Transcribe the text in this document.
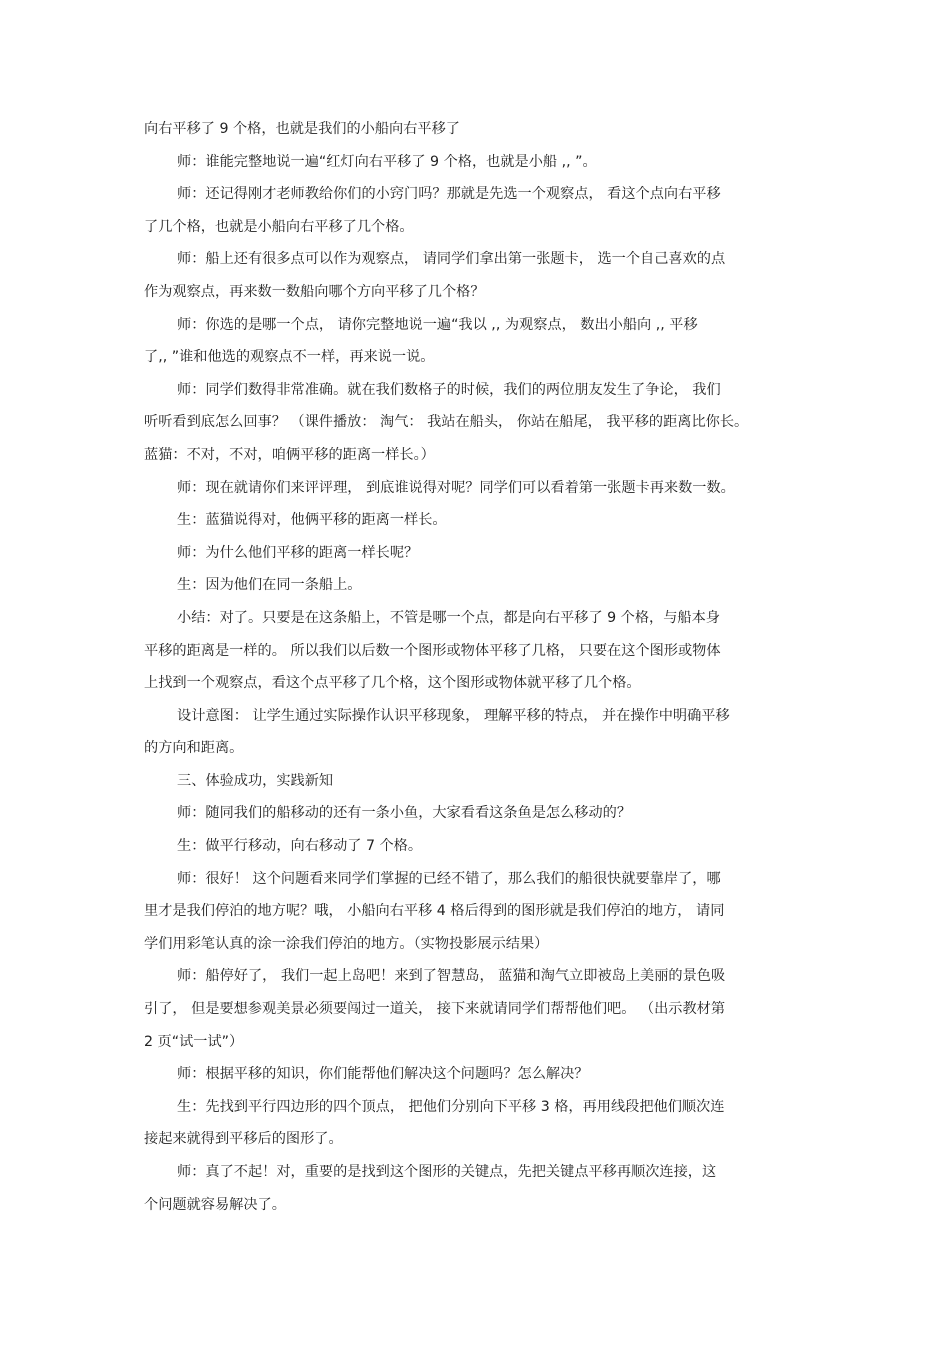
向右平移了 9 个格，也就是我们的小船向右平移了
师：谁能完整地说一遍“红灯向右平移了 9 个格，也就是小船 ,, ”。
师：还记得刚才老师教给你们的小窍门吗？那就是先选一个观察点， 看这个点向右平移
了几个格，也就是小船向右平移了几个格。
师：船上还有很多点可以作为观察点， 请同学们拿出第一张题卡， 选一个自己喜欢的点
作为观察点，再来数一数船向哪个方向平移了几个格？
师：你选的是哪一个点， 请你完整地说一遍“我以 ,, 为观察点， 数出小船向 ,, 平移
了,, ”谁和他选的观察点不一样，再来说一说。
师：同学们数得非常准确。就在我们数格子的时候，我们的两位朋友发生了争论， 我们
听听看到底怎么回事？ （课件播放： 淘气： 我站在船头， 你站在船尾， 我平移的距离比你长。
蓝猫：不对，不对，咱俩平移的距离一样长。）
师：现在就请你们来评评理， 到底谁说得对呢？同学们可以看着第一张题卡再来数一数。
生：蓝猫说得对，他俩平移的距离一样长。
师：为什么他们平移的距离一样长呢？
生：因为他们在同一条船上。
小结：对了。只要是在这条船上，不管是哪一个点，都是向右平移了 9 个格，与船本身
平移的距离是一样的。 所以我们以后数一个图形或物体平移了几格， 只要在这个图形或物体
上找到一个观察点，看这个点平移了几个格，这个图形或物体就平移了几个格。
设计意图： 让学生通过实际操作认识平移现象， 理解平移的特点， 并在操作中明确平移
的方向和距离。
三、体验成功，实践新知
师：随同我们的船移动的还有一条小鱼，大家看看这条鱼是怎么移动的？
生：做平行移动，向右移动了 7 个格。
师：很好！ 这个问题看来同学们掌握的已经不错了，那么我们的船很快就要靠岸了，哪
里才是我们停泊的地方呢？哦， 小船向右平移 4 格后得到的图形就是我们停泊的地方， 请同
学们用彩笔认真的涂一涂我们停泊的地方。（实物投影展示结果）
师：船停好了， 我们一起上岛吧！来到了智慧岛， 蓝猫和淘气立即被岛上美丽的景色吸
引了， 但是要想参观美景必须要闯过一道关， 接下来就请同学们帮帮他们吧。 （出示教材第
2 页“试一试”）
师：根据平移的知识，你们能帮他们解决这个问题吗？怎么解决？
生：先找到平行四边形的四个顶点， 把他们分别向下平移 3 格，再用线段把他们顺次连
接起来就得到平移后的图形了。
师：真了不起！对，重要的是找到这个图形的关键点，先把关键点平移再顺次连接，这
个问题就容易解决了。
